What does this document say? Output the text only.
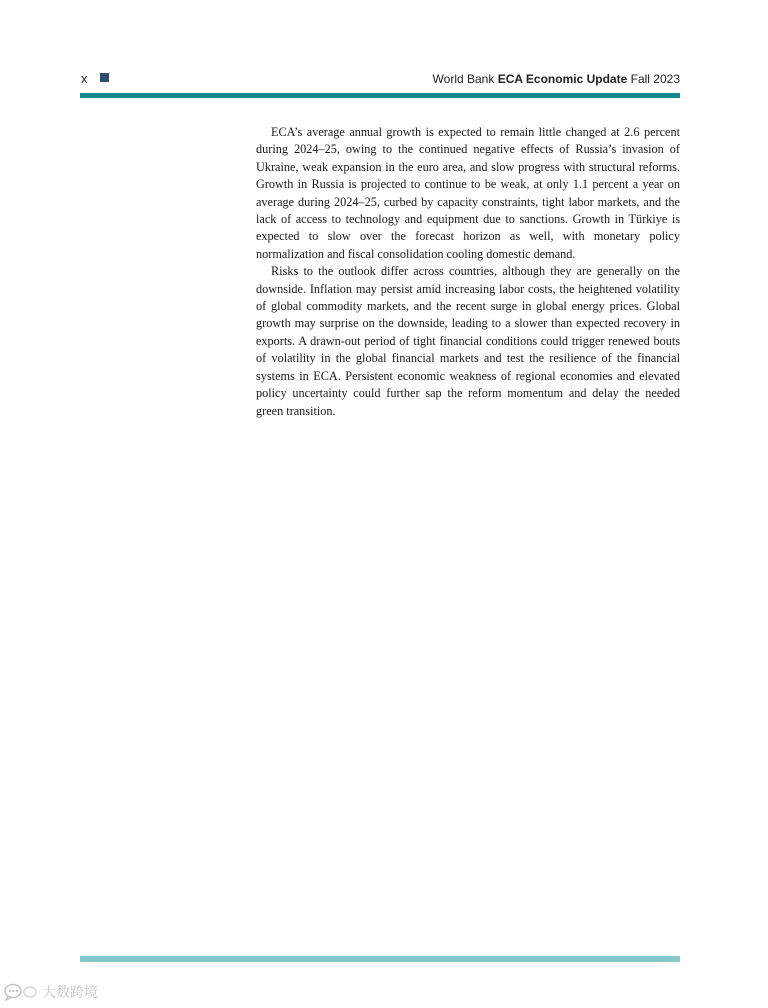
x	World Bank ECA Economic Update Fall 2023

ECA’s average annual growth is expected to remain little changed at 2.6 percent during 2024–25, owing to the continued negative effects of Russia’s invasion of Ukraine, weak expansion in the euro area, and slow progress with structural reforms. Growth in Russia is projected to continue to be weak, at only 1.1 percent a year on average during 2024–25, curbed by capacity constraints, tight labor markets, and the lack of access to technology and equipment due to sanctions. Growth in Türkiye is expected to slow over the forecast horizon as well, with monetary policy normalization and fiscal consolidation cooling domestic demand.

Risks to the outlook differ across countries, although they are generally on the downside. Inflation may persist amid increasing labor costs, the heightened volatility of global commodity markets, and the recent surge in global energy prices. Global growth may surprise on the downside, leading to a slower than expected recovery in exports. A drawn-out period of tight financial conditions could trigger renewed bouts of volatility in the global financial markets and test the resilience of the financial systems in ECA. Persistent economic weakness of regional economies and elevated policy uncertainty could further sap the reform momentum and delay the needed green transition.

大数跨境
